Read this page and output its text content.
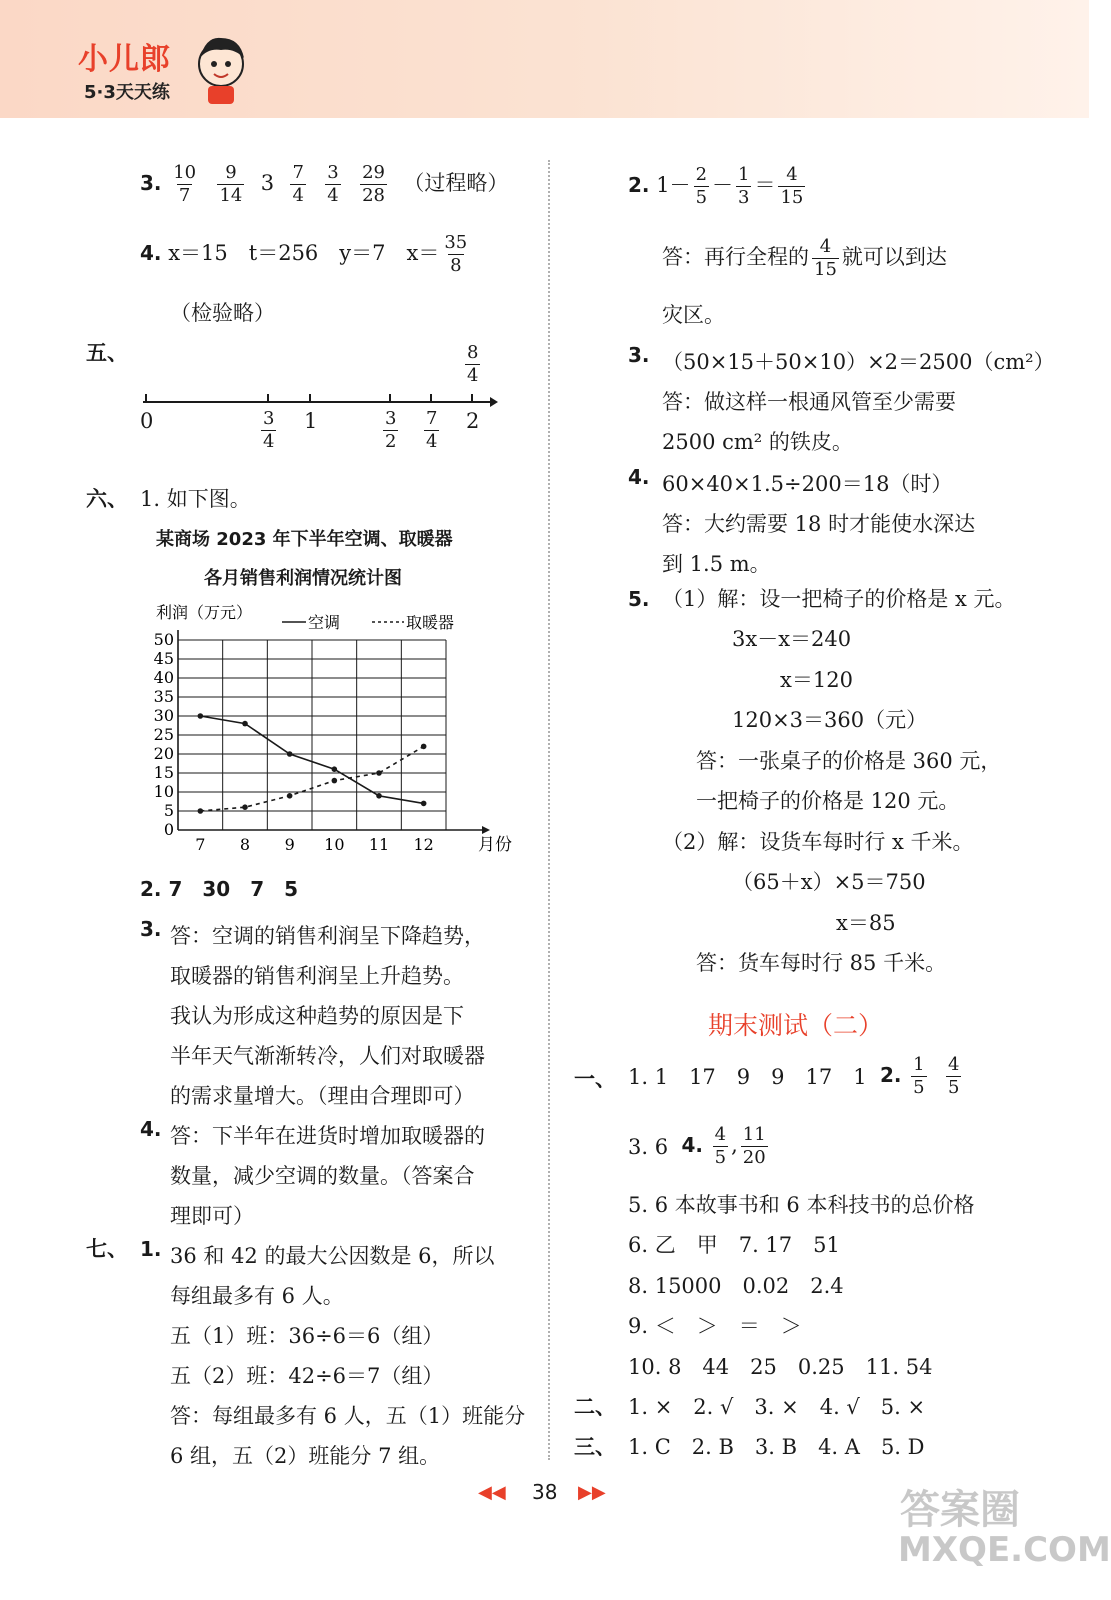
小儿郎
5·3天天练
3. $\frac{10}{7}$
$\frac{9}{14} 3 \frac{7}{4}$
$\frac{3}{4}$
$\frac{29}{28}$ （过程略）
4. x＝15　t＝256　y＝7　$x= \frac{35}{8}$
（检验略）
五、	$\frac{8}{4}$
0	1	2
$\frac{3}{4}$	$\frac{3}{2} \frac{7}{4}$
六、 1. 如下图。
某商场 2023 年下半年空调、取暖器
各月销售利润情况统计图
利润（万元）
空调	取暖器
0
5
10
15
20
25
30
35
40
45
50
7 8 9 10 11 12	月份
2. 7　30　7　5
3. 答：空调的销售利润呈下降趋势，
取暖器的销售利润呈上升趋势。
我认为形成这种趋势的原因是下
半年天气渐渐转冷，人们对取暖器
的需求量增大。（理由合理即可）
4. 答：下半年在进货时增加取暖器的
数量，减少空调的数量。（答案合
理即可）
七、 1. 36 和 42 的最大公因数是 6，所以
每组最多有 6 人。
五（1）班：36÷6＝6（组）
五（2）班：42÷6＝7（组）
答：每组最多有 6 人，五（1）班能分
6 组，五（2）班能分 7 组。
2. $1- \frac{2}{5} - \frac{1}{3} = \frac{4}{15}$
答：再行全程的 $\frac{4}{15}$ 就可以到达
灾区。
3. （50×15＋50×10）×2＝2500（cm²）
答：做这样一根通风管至少需要
2500 cm² 的铁皮。
4. 60×40×1.5÷200＝18（时）
答：大约需要 18 时才能使水深达
到 1.5 m。
5. （1）解：设一把椅子的价格是 x 元。
3x－x＝240
x＝120
120×3＝360（元）
答：一张桌子的价格是 360 元，
一把椅子的价格是 120 元。
（2）解：设货车每时行 x 千米。
（65＋x）×5＝750
x＝85
答：货车每时行 85 千米。
期末测试（二）
一、 1. 1　17　9　9　17　1 2. $\frac{1}{5}$
$\frac{4}{5}$
3. 6 4. $\frac{4}{5}$ , $\frac{11}{20}$
5. 6 本故事书和 6 本科技书的总价格
6. 乙　甲　7. 17　51
8. 15000　0.02　2.4
9. ＜　＞　＝　＞
10. 8　44　25　0.25　11. 54
二、 1. ×　2. √　3. ×　4. √　5. ×
三、 1. C　2. B　3. B　4. A　5. D
◀◀ 38 ▶▶	答案圈
MXQE.COM
